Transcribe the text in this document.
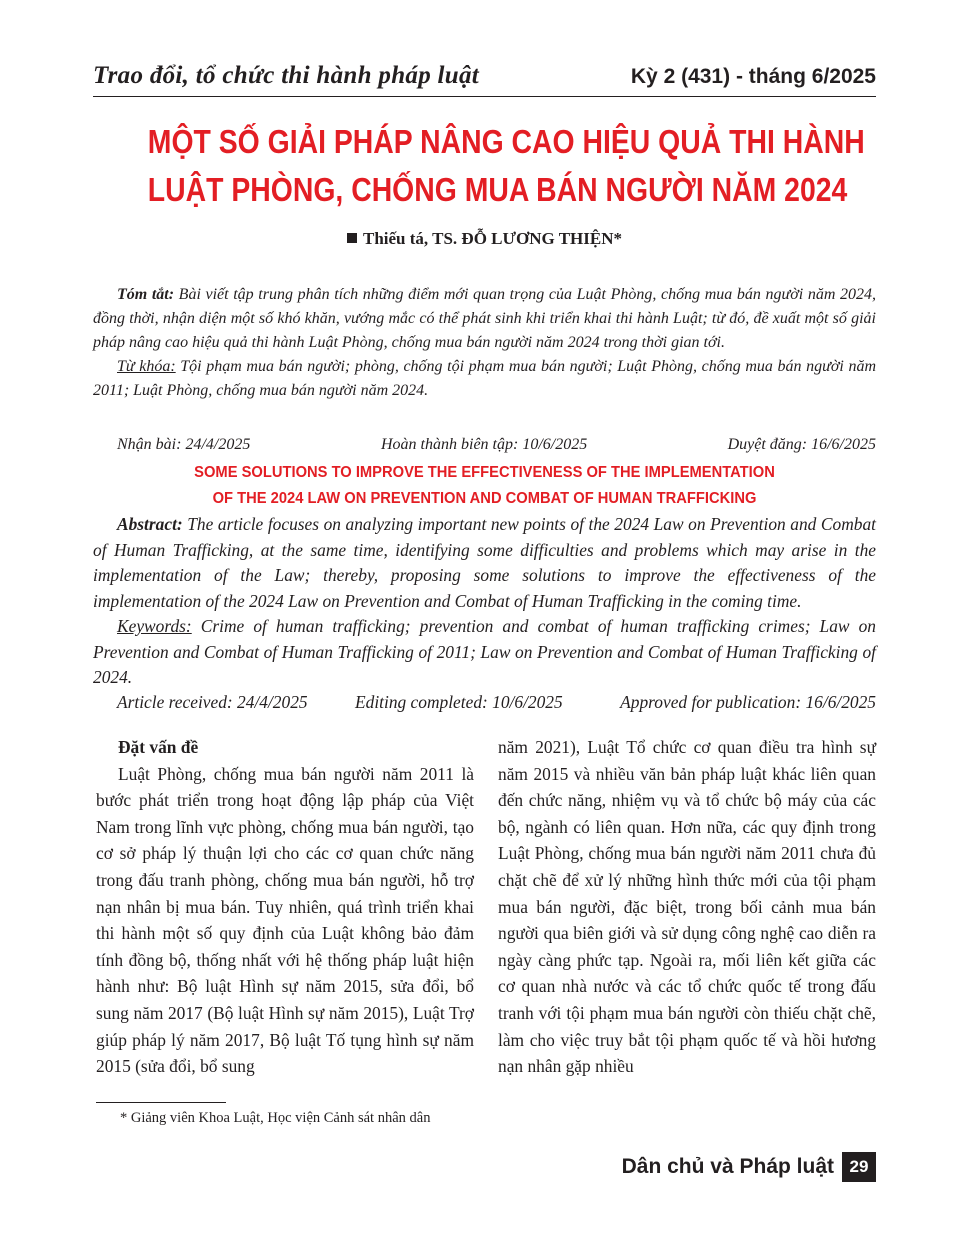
Trao đổi, tổ chức thi hành pháp luật	Kỳ 2 (431) - tháng 6/2025
MỘT SỐ GIẢI PHÁP NÂNG CAO HIỆU QUẢ THI HÀNH
LUẬT PHÒNG, CHỐNG MUA BÁN NGƯỜI NĂM 2024
Thiếu tá, TS. ĐỖ LƯƠNG THIỆN*

Tóm tắt: Bài viết tập trung phân tích những điểm mới quan trọng của Luật Phòng, chống mua bán người năm 2024, đồng thời, nhận diện một số khó khăn, vướng mắc có thể phát sinh khi triển khai thi hành Luật; từ đó, đề xuất một số giải pháp nâng cao hiệu quả thi hành Luật Phòng, chống mua bán người năm 2024 trong thời gian tới.

Từ khóa: Tội phạm mua bán người; phòng, chống tội phạm mua bán người; Luật Phòng, chống mua bán người năm 2011; Luật Phòng, chống mua bán người năm 2024.

Nhận bài: 24/4/2025	Hoàn thành biên tập: 10/6/2025	Duyệt đăng: 16/6/2025
SOME SOLUTIONS TO IMPROVE THE EFFECTIVENESS OF THE IMPLEMENTATION
OF THE 2024 LAW ON PREVENTION AND COMBAT OF HUMAN TRAFFICKING

Abstract: The article focuses on analyzing important new points of the 2024 Law on Prevention and Combat of Human Trafficking, at the same time, identifying some difficulties and problems which may arise in the implementation of the Law; thereby, proposing some solutions to improve the effectiveness of the implementation of the 2024 Law on Prevention and Combat of Human Trafficking in the coming time.

Keywords: Crime of human trafficking; prevention and combat of human trafficking crimes; Law on Prevention and Combat of Human Trafficking of 2011; Law on Prevention and Combat of Human Trafficking of 2024.

Article received: 24/4/2025	Editing completed: 10/6/2025	Approved for publication: 16/6/2025

Đặt vấn đề

Luật Phòng, chống mua bán người năm 2011 là bước phát triển trong hoạt động lập pháp của Việt Nam trong lĩnh vực phòng, chống mua bán người, tạo cơ sở pháp lý thuận lợi cho các cơ quan chức năng trong đấu tranh phòng, chống mua bán người, hỗ trợ nạn nhân bị mua bán. Tuy nhiên, quá trình triển khai thi hành một số quy định của Luật không bảo đảm tính đồng bộ, thống nhất với hệ thống pháp luật hiện hành như: Bộ luật Hình sự năm 2015, sửa đổi, bổ sung năm 2017 (Bộ luật Hình sự năm 2015), Luật Trợ giúp pháp lý năm 2017, Bộ luật Tố tụng hình sự năm 2015 (sửa đổi, bổ sung

năm 2021), Luật Tổ chức cơ quan điều tra hình sự năm 2015 và nhiều văn bản pháp luật khác liên quan đến chức năng, nhiệm vụ và tổ chức bộ máy của các bộ, ngành có liên quan. Hơn nữa, các quy định trong Luật Phòng, chống mua bán người năm 2011 chưa đủ chặt chẽ để xử lý những hình thức mới của tội phạm mua bán người, đặc biệt, trong bối cảnh mua bán người qua biên giới và sử dụng công nghệ cao diễn ra ngày càng phức tạp. Ngoài ra, mối liên kết giữa các cơ quan nhà nước và các tổ chức quốc tế trong đấu tranh với tội phạm mua bán người còn thiếu chặt chẽ, làm cho việc truy bắt tội phạm quốc tế và hồi hương nạn nhân gặp nhiều

* Giảng viên Khoa Luật, Học viện Cảnh sát nhân dân
Dân chủ và Pháp luật 29
